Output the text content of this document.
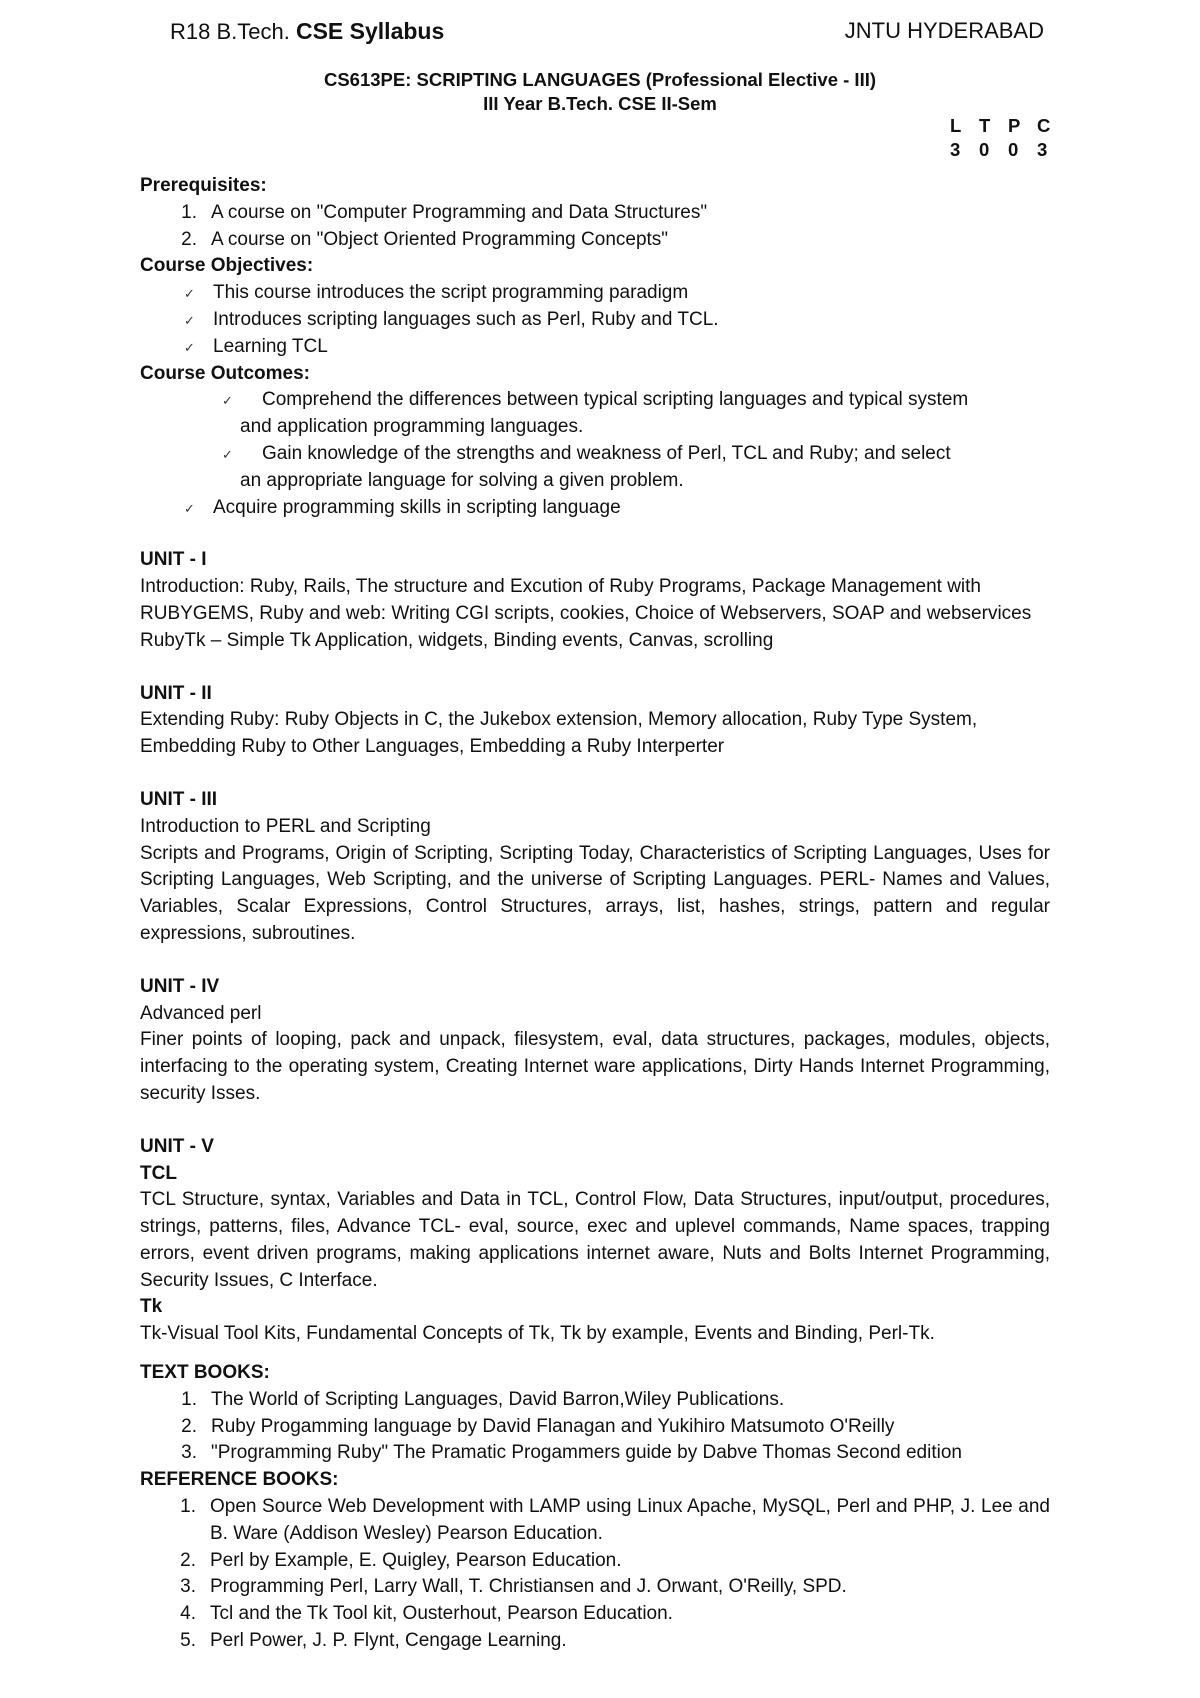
R18 B.Tech. CSE Syllabus	JNTU HYDERABAD
CS613PE: SCRIPTING LANGUAGES (Professional Elective - III)
III Year B.Tech. CSE II-Sem
L T P C
3	0	0	3
Prerequisites:
1. A course on "Computer Programming and Data Structures"
2. A course on "Object Oriented Programming Concepts"
Course Objectives:
✓ This course introduces the script programming paradigm
✓ Introduces scripting languages such as Perl, Ruby and TCL.
✓ Learning TCL
Course Outcomes:
✓ Comprehend the differences between typical scripting languages and typical system
and application programming languages.
✓ Gain knowledge of the strengths and weakness of Perl, TCL and Ruby; and select
an appropriate language for solving a given problem.
✓ Acquire programming skills in scripting language
UNIT - I
Introduction: Ruby, Rails, The structure and Excution of Ruby Programs, Package Management with RUBYGEMS, Ruby and web: Writing CGI scripts, cookies, Choice of Webservers, SOAP and webservices
RubyTk – Simple Tk Application, widgets, Binding events, Canvas, scrolling
UNIT - II
Extending Ruby: Ruby Objects in C, the Jukebox extension, Memory allocation, Ruby Type System, Embedding Ruby to Other Languages, Embedding a Ruby Interperter
UNIT - III
Introduction to PERL and Scripting
Scripts and Programs, Origin of Scripting, Scripting Today, Characteristics of Scripting Languages, Uses for Scripting Languages, Web Scripting, and the universe of Scripting Languages. PERL- Names and Values, Variables, Scalar Expressions, Control Structures, arrays, list, hashes, strings, pattern and regular expressions, subroutines.
UNIT - IV
Advanced perl
Finer points of looping, pack and unpack, filesystem, eval, data structures, packages, modules, objects, interfacing to the operating system, Creating Internet ware applications, Dirty Hands Internet Programming, security Isses.
UNIT - V
TCL
TCL Structure, syntax, Variables and Data in TCL, Control Flow, Data Structures, input/output, procedures, strings, patterns, files, Advance TCL- eval, source, exec and uplevel commands, Name spaces, trapping errors, event driven programs, making applications internet aware, Nuts and Bolts Internet Programming, Security Issues, C Interface.
Tk
Tk-Visual Tool Kits, Fundamental Concepts of Tk, Tk by example, Events and Binding, Perl-Tk.
TEXT BOOKS:
1. The World of Scripting Languages, David Barron,Wiley Publications.
2. Ruby Progamming language by David Flanagan and Yukihiro Matsumoto O'Reilly
3. "Programming Ruby" The Pramatic Progammers guide by Dabve Thomas Second edition
REFERENCE BOOKS:
1. Open Source Web Development with LAMP using Linux Apache, MySQL, Perl and PHP, J. Lee and B. Ware (Addison Wesley) Pearson Education.
2. Perl by Example, E. Quigley, Pearson Education.
3. Programming Perl, Larry Wall, T. Christiansen and J. Orwant, O'Reilly, SPD.
4. Tcl and the Tk Tool kit, Ousterhout, Pearson Education.
5. Perl Power, J. P. Flynt, Cengage Learning.
